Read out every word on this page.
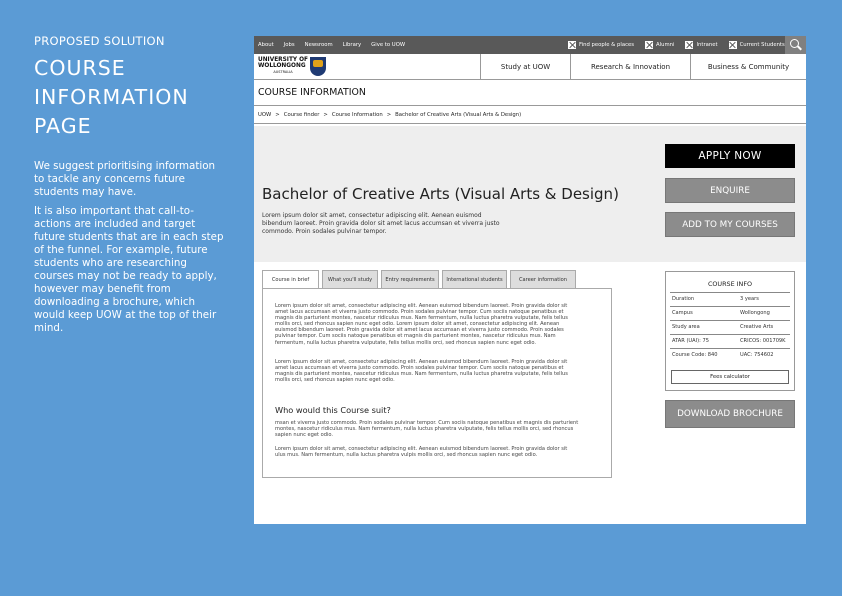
PROPOSED SOLUTION
COURSE
INFORMATION
PAGE

We suggest prioritising information to tackle any concerns future students may have.

It is also important that call-to-actions are included and target future students that are in each step of the funnel. For example, future students who are researching courses may not be ready to apply, however may benefit from downloading a brochure, which would keep UOW at the top of their mind.

About Jobs Newsroom Library Give to UOW	Find people & places	Alumni	Intranet	Current Students
UNIVERSITY OF
WOLLONGONG
AUSTRALIA
Study at UOW	Research & Innovation	Business & Community
COURSE INFORMATION
UOW > Course finder > Course Information > Bachelor of Creative Arts (Visual Arts & Design)
Bachelor of Creative Arts (Visual Arts & Design)
Lorem ipsum dolor sit amet, consectetur adipiscing elit. Aenean euismod bibendum laoreet. Proin gravida dolor sit amet lacus accumsan et viverra justo commodo. Proin sodales pulvinar tempor.
APPLY NOW
ENQUIRE
ADD TO MY COURSES
Course in brief	What you'll study	Entry requirements	International students	Career information
Lorem ipsum dolor sit amet, consectetur adipiscing elit. Aenean euismod bibendum laoreet. Proin gravida dolor sit amet lacus accumsan et viverra justo commodo. Proin sodales pulvinar tempor. Cum sociis natoque penatibus et magnis dis parturient montes, nascetur ridiculus mus. Nam fermentum, nulla luctus pharetra vulputate, felis tellus mollis orci, sed rhoncus sapien nunc eget odio. Lorem ipsum dolor sit amet, consectetur adipiscing elit. Aenean euismod bibendum laoreet. Proin gravida dolor sit amet lacus accumsan et viverra justo commodo. Proin sodales pulvinar tempor. Cum sociis natoque penatibus et magnis dis parturient montes, nascetur ridiculus mus. Nam fermentum, nulla luctus pharetra vulputate, felis tellus mollis orci, sed rhoncus sapien nunc eget odio.
Lorem ipsum dolor sit amet, consectetur adipiscing elit. Aenean euismod bibendum laoreet. Proin gravida dolor sit amet lacus accumsan et viverra justo commodo. Proin sodales pulvinar tempor. Cum sociis natoque penatibus et magnis dis parturient montes, nascetur ridiculus mus. Nam fermentum, nulla luctus pharetra vulputate, felis tellus mollis orci, sed rhoncus sapien nunc eget odio.
Who would this Course suit?
msan et viverra justo commodo. Proin sodales pulvinar tempor. Cum sociis natoque penatibus et magnis dis parturient montes, nascetur ridiculus mus. Nam fermentum, nulla luctus pharetra vulputate, felis tellus mollis orci, sed rhoncus sapien nunc eget odio.
Lorem ipsum dolor sit amet, consectetur adipiscing elit. Aenean euismod bibendum laoreet. Proin gravida dolor sit ulus mus. Nam fermentum, nulla luctus pharetra vulpis mollis orci, sed rhoncus sapien nunc eget odio.
COURSE INFO
Duration	3 years
Campus	Wollongong
Study area	Creative Arts
ATAR (UAI): 75	CRICOS: 001709K
Course Code: 840	UAC: 754602
Fees calculator
DOWNLOAD BROCHURE
